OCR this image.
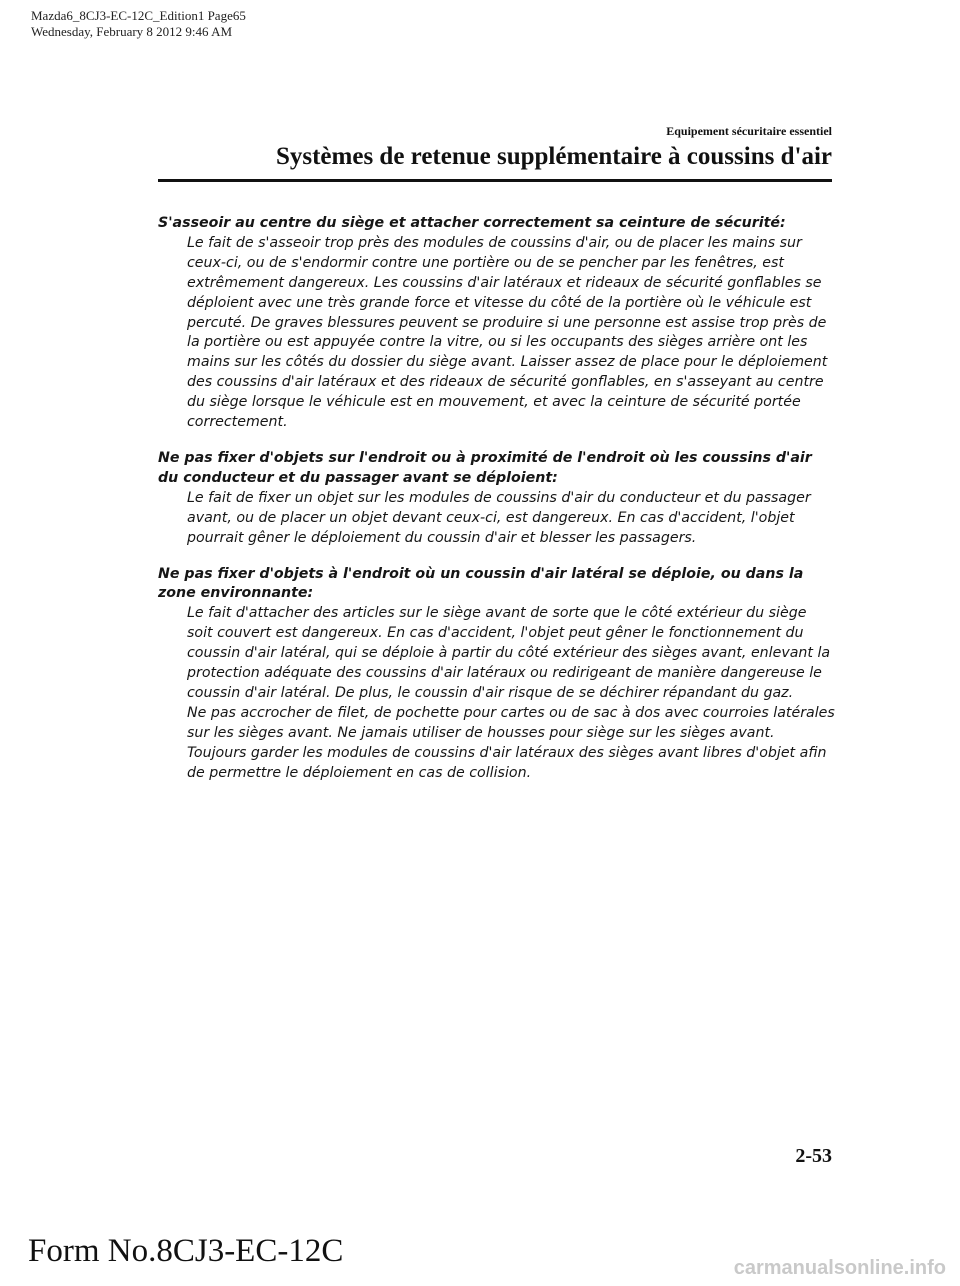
Mazda6_8CJ3-EC-12C_Edition1 Page65
Wednesday, February 8 2012 9:46 AM
Equipement sécuritaire essentiel
Systèmes de retenue supplémentaire à coussins d'air

S'asseoir au centre du siège et attacher correctement sa ceinture de sécurité:

Le fait de s'asseoir trop près des modules de coussins d'air, ou de placer les mains sur ceux-ci, ou de s'endormir contre une portière ou de se pencher par les fenêtres, est extrêmement dangereux. Les coussins d'air latéraux et rideaux de sécurité gonflables se déploient avec une très grande force et vitesse du côté de la portière où le véhicule est percuté. De graves blessures peuvent se produire si une personne est assise trop près de la portière ou est appuyée contre la vitre, ou si les occupants des sièges arrière ont les mains sur les côtés du dossier du siège avant. Laisser assez de place pour le déploiement des coussins d'air latéraux et des rideaux de sécurité gonflables, en s'asseyant au centre du siège lorsque le véhicule est en mouvement, et avec la ceinture de sécurité portée correctement.

Ne pas fixer d'objets sur l'endroit ou à proximité de l'endroit où les coussins d'air du conducteur et du passager avant se déploient:

Le fait de fixer un objet sur les modules de coussins d'air du conducteur et du passager avant, ou de placer un objet devant ceux-ci, est dangereux. En cas d'accident, l'objet pourrait gêner le déploiement du coussin d'air et blesser les passagers.

Ne pas fixer d'objets à l'endroit où un coussin d'air latéral se déploie, ou dans la zone environnante:

Le fait d'attacher des articles sur le siège avant de sorte que le côté extérieur du siège soit couvert est dangereux. En cas d'accident, l'objet peut gêner le fonctionnement du coussin d'air latéral, qui se déploie à partir du côté extérieur des sièges avant, enlevant la protection adéquate des coussins d'air latéraux ou redirigeant de manière dangereuse le coussin d'air latéral. De plus, le coussin d'air risque de se déchirer répandant du gaz.

Ne pas accrocher de filet, de pochette pour cartes ou de sac à dos avec courroies latérales sur les sièges avant. Ne jamais utiliser de housses pour siège sur les sièges avant. Toujours garder les modules de coussins d'air latéraux des sièges avant libres d'objet afin de permettre le déploiement en cas de collision.

2-53
Form No.8CJ3-EC-12C	carmanualsonline.info
